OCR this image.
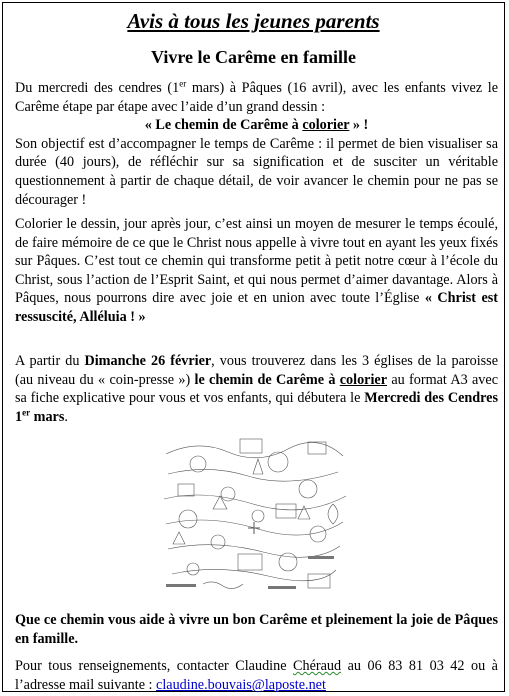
Avis à tous les jeunes parents
Vivre le Carême en famille
Du mercredi des cendres (1er mars) à Pâques (16 avril), avec les enfants vivez le Carême étape par étape avec l’aide d’un grand dessin :
« Le chemin de Carême à colorier » !
Son objectif est d’accompagner le temps de Carême : il permet de bien visualiser sa durée (40 jours), de réfléchir sur sa signification et de susciter un véritable questionnement à partir de chaque détail, de voir avancer le chemin pour ne pas se décourager !
Colorier le dessin, jour après jour, c’est ainsi un moyen de mesurer le temps écoulé, de faire mémoire de ce que le Christ nous appelle à vivre tout en ayant les yeux fixés sur Pâques. C’est tout ce chemin qui transforme petit à petit notre cœur à l’école du Christ, sous l’action de l’Esprit Saint, et qui nous permet d’aimer davantage. Alors à Pâques, nous pourrons dire avec joie et en union avec toute l’Église « Christ est ressuscité, Alléluia ! »
A partir du Dimanche 26 février, vous trouverez dans les 3 églises de la paroisse (au niveau du « coin-presse ») le chemin de Carême à colorier au format A3 avec sa fiche explicative pour vous et vos enfants, qui débutera le Mercredi des Cendres 1er mars.
Que ce chemin vous aide à vivre un bon Carême et pleinement la joie de Pâques en famille.
Pour tous renseignements, contacter Claudine Chéraud au 06 83 81 03 42 ou à l’adresse mail suivante : claudine.bouvais@laposte.net
